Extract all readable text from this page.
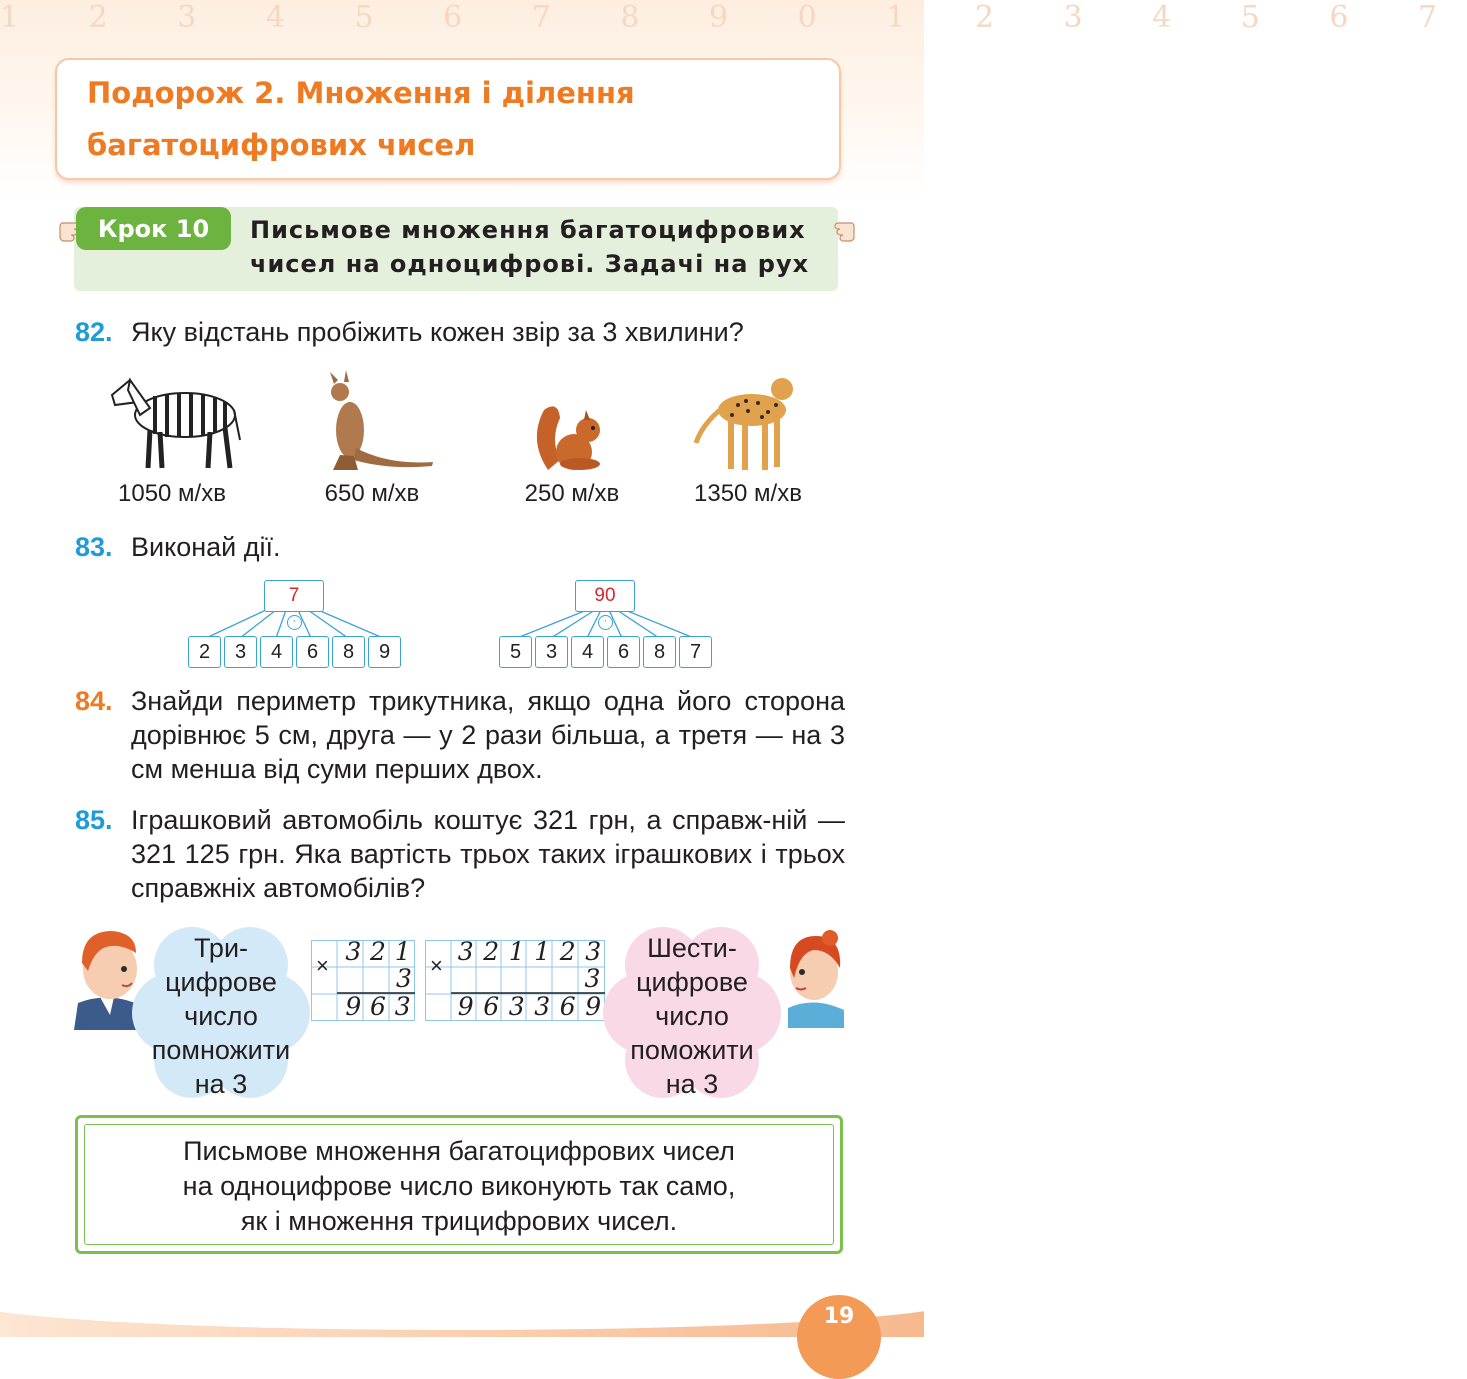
1 2 3 4 5 6 7 8 9 0 1 2 3 4 5 6 7
Подорож 2. Множення і ділення
багатоцифрових чисел
Крок 10	Письмове множення багатоцифрових
чисел на одноцифрові. Задачі на рух
82. Яку відстань пробіжить кожен звір за 3 хвилини?
1050 м/хв	650 м/хв	250 м/хв	1350 м/хв
83. Виконай дії.
7
·
2	3	4	6	8	9
90
·
5	3	4	6	8	7
84. Знайди периметр трикутника, якщо одна його сторона дорівнює 5 см, друга — у 2 рази більша, а третя — на 3 см менша від суми перших двох.
85. Іграшковий автомобіль коштує 321 грн, а справж-ній — 321 125 грн. Яка вартість трьох таких іграшкових і трьох справжніх автомобілів?
Три-
цифрове
число
помножити
на 3
× 3 2 1
3
9 6 3
× 3 2 1 1 2 3
3
9 6 3 3 6 9
Шести-
цифрове
число
поможити
на 3
Письмове множення багатоцифрових чисел
на одноцифрове число виконують так само,
як і множення трицифрових чисел.
19
